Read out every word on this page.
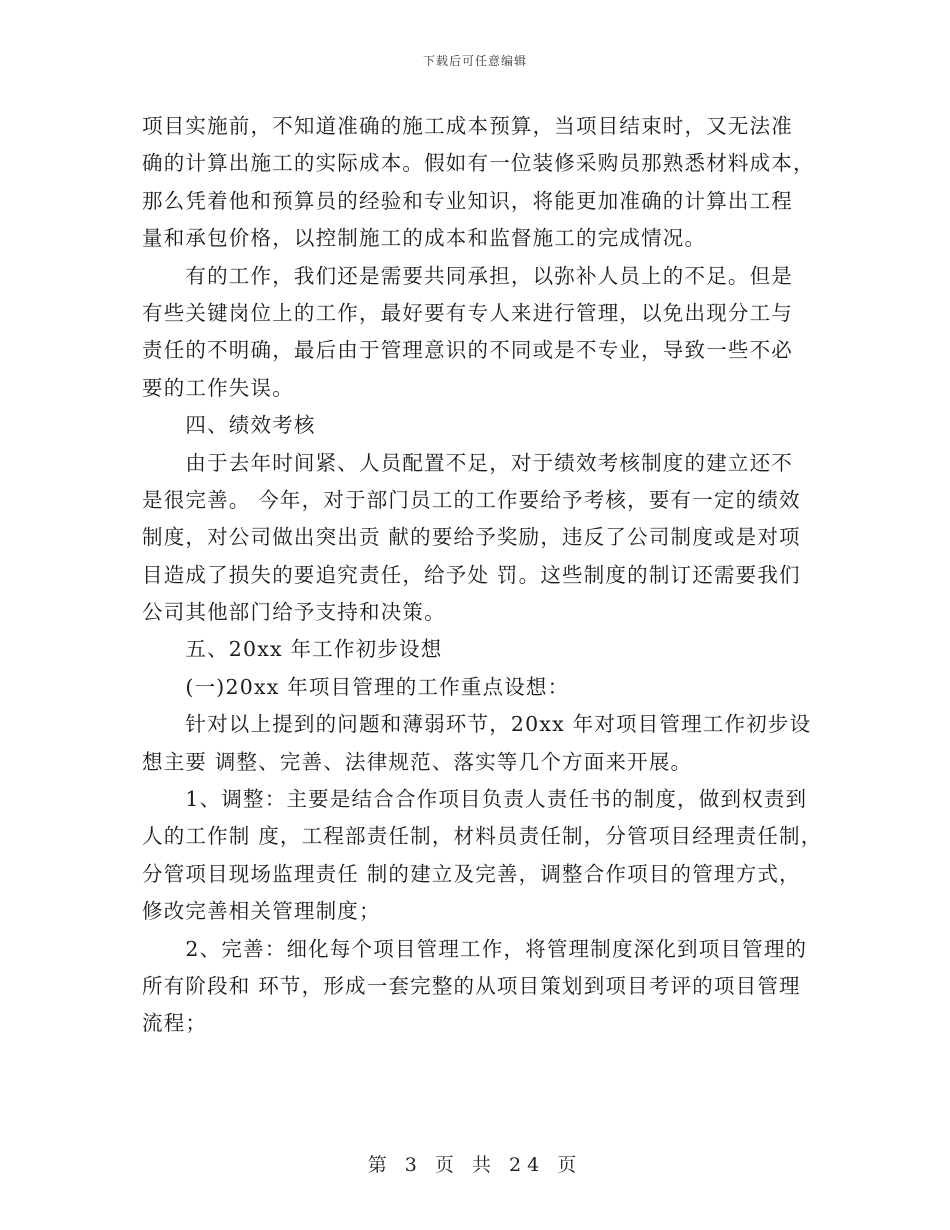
下载后可任意编辑
项目实施前，不知道准确的施工成本预算，当项目结束时，又无法准
确的计算出施工的实际成本。假如有一位装修采购员那熟悉材料成本，
那么凭着他和预算员的经验和专业知识，将能更加准确的计算出工程
量和承包价格，以控制施工的成本和监督施工的完成情况。
　　有的工作，我们还是需要共同承担，以弥补人员上的不足。但是
有些关键岗位上的工作，最好要有专人来进行管理，以免出现分工与
责任的不明确，最后由于管理意识的不同或是不专业，导致一些不必
要的工作失误。
　　四、绩效考核
　　由于去年时间紧、人员配置不足，对于绩效考核制度的建立还不
是很完善。 今年，对于部门员工的工作要给予考核，要有一定的绩效
制度，对公司做出突出贡 献的要给予奖励，违反了公司制度或是对项
目造成了损失的要追究责任，给予处 罚。这些制度的制订还需要我们
公司其他部门给予支持和决策。
　　五、20xx 年工作初步设想
　　(一)20xx 年项目管理的工作重点设想：
　　针对以上提到的问题和薄弱环节，20xx 年对项目管理工作初步设
想主要 调整、完善、法律规范、落实等几个方面来开展。
　　1、调整：主要是结合合作项目负责人责任书的制度，做到权责到
人的工作制 度，工程部责任制，材料员责任制，分管项目经理责任制，
分管项目现场监理责任 制的建立及完善，调整合作项目的管理方式，
修改完善相关管理制度；
　　2、完善：细化每个项目管理工作，将管理制度深化到项目管理的
所有阶段和 环节，形成一套完整的从项目策划到项目考评的项目管理
流程；
第 3 页 共 24 页
